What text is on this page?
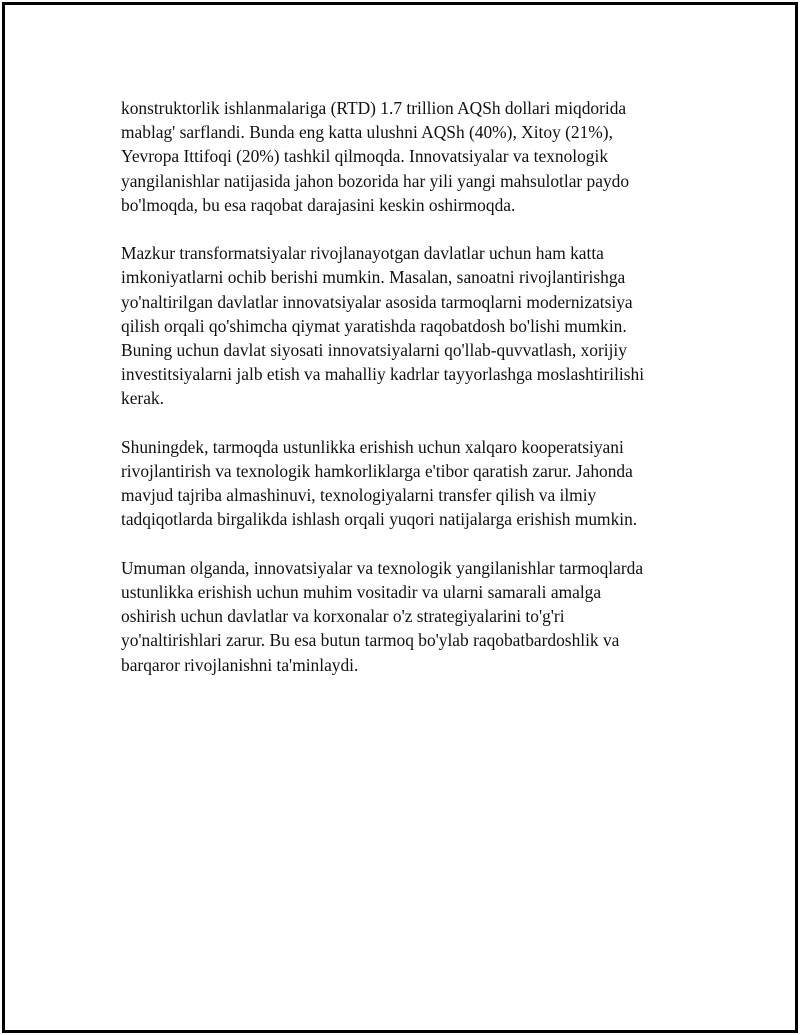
konstruktorlik ishlanmalariga (RTD) 1.7 trillion AQSh dollari miqdorida
mablag' sarflandi. Bunda eng katta ulushni AQSh (40%), Xitoy (21%),
Yevropa Ittifoqi (20%) tashkil qilmoqda. Innovatsiyalar va texnologik
yangilanishlar natijasida jahon bozorida har yili yangi mahsulotlar paydo
bo'lmoqda, bu esa raqobat darajasini keskin oshirmoqda.

Mazkur transformatsiyalar rivojlanayotgan davlatlar uchun ham katta
imkoniyatlarni ochib berishi mumkin. Masalan, sanoatni rivojlantirishga
yo'naltirilgan davlatlar innovatsiyalar asosida tarmoqlarni modernizatsiya
qilish orqali qo'shimcha qiymat yaratishda raqobatdosh bo'lishi mumkin.
Buning uchun davlat siyosati innovatsiyalarni qo'llab-quvvatlash, xorijiy
investitsiyalarni jalb etish va mahalliy kadrlar tayyorlashga moslashtirilishi
kerak.

Shuningdek, tarmoqda ustunlikka erishish uchun xalqaro kooperatsiyani
rivojlantirish va texnologik hamkorliklarga e'tibor qaratish zarur. Jahonda
mavjud tajriba almashinuvi, texnologiyalarni transfer qilish va ilmiy
tadqiqotlarda birgalikda ishlash orqali yuqori natijalarga erishish mumkin.

Umuman olganda, innovatsiyalar va texnologik yangilanishlar tarmoqlarda
ustunlikka erishish uchun muhim vositadir va ularni samarali amalga
oshirish uchun davlatlar va korxonalar o'z strategiyalarini to'g'ri
yo'naltirishlari zarur. Bu esa butun tarmoq bo'ylab raqobatbardoshlik va
barqaror rivojlanishni ta'minlaydi.
